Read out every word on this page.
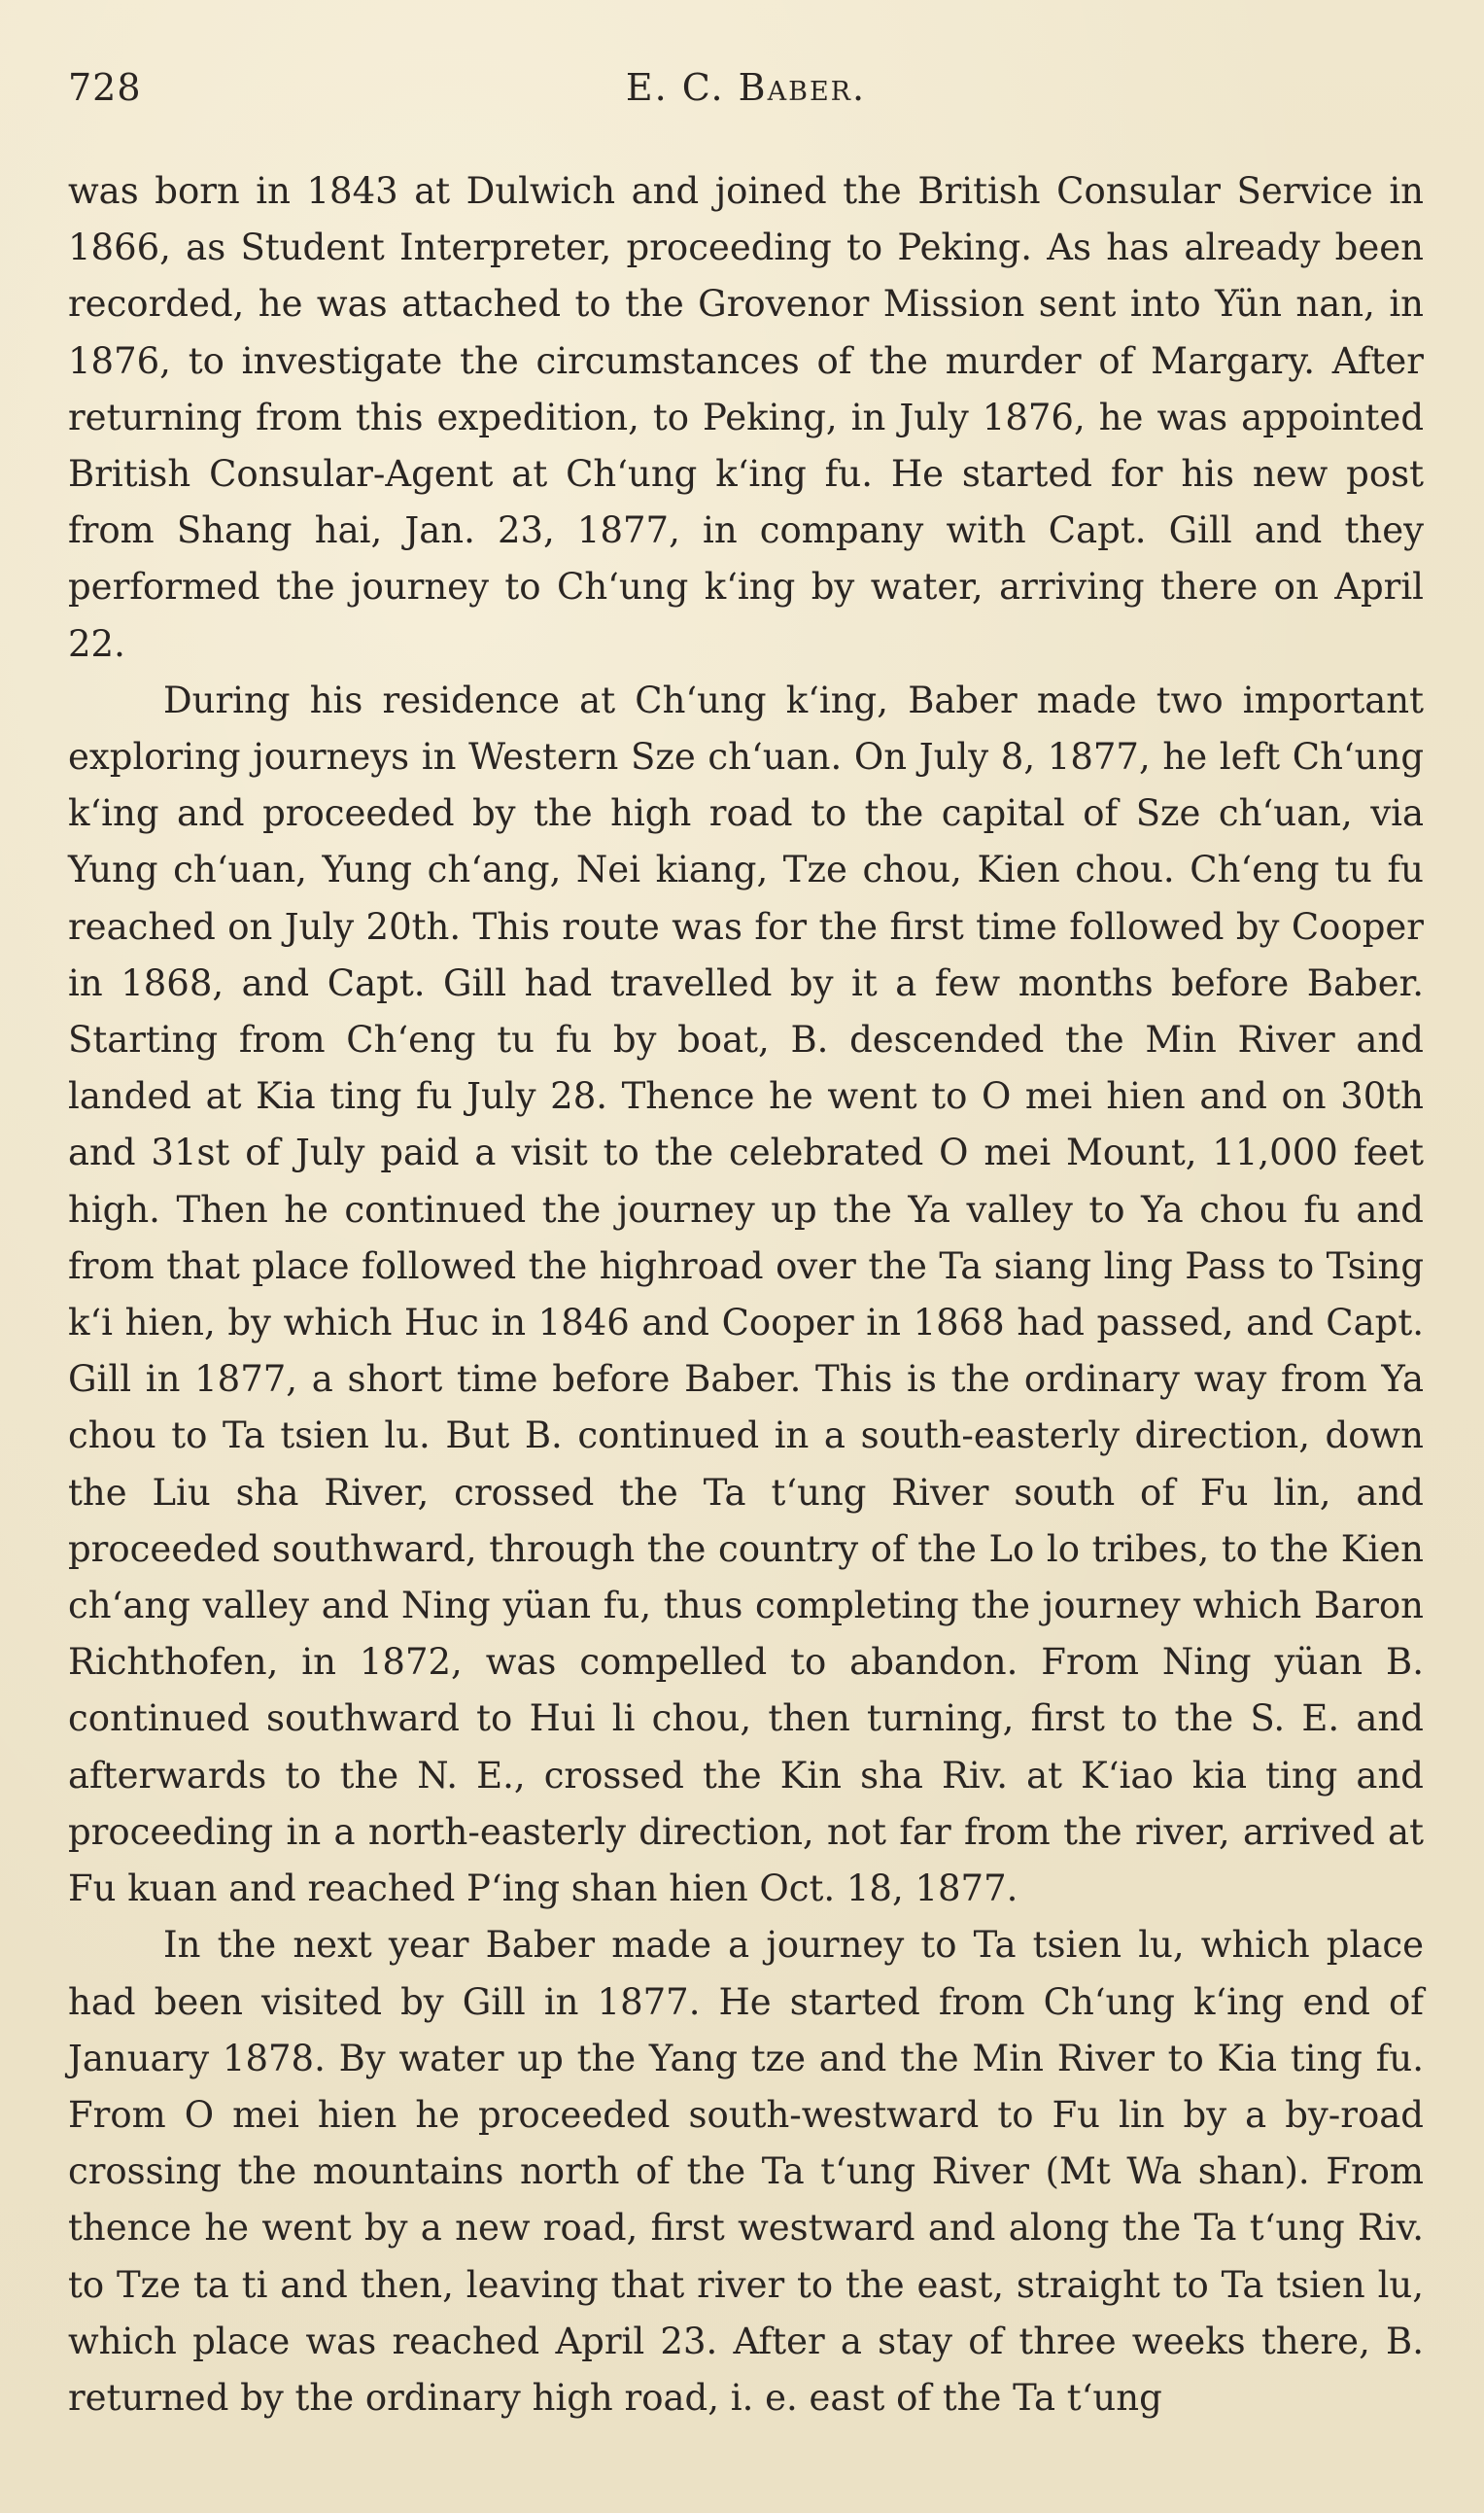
728	E. C. Baber.

was born in 1843 at Dulwich and joined the British Consular Service in 1866, as Student Interpreter, proceeding to Peking. As has already been recorded, he was attached to the Grovenor Mission sent into Yün nan, in 1876, to investigate the circumstances of the murder of Margary. After returning from this expedition, to Peking, in July 1876, he was appointed British Consular-Agent at Chʻung kʻing fu. He started for his new post from Shang hai, Jan. 23, 1877, in company with Capt. Gill and they performed the journey to Chʻung kʻing by water, arriving there on April 22.

During his residence at Chʻung kʻing, Baber made two important exploring journeys in Western Sze chʻuan. On July 8, 1877, he left Chʻung kʻing and proceeded by the high road to the capital of Sze chʻuan, via Yung chʻuan, Yung chʻang, Nei kiang, Tze chou, Kien chou. Chʻeng tu fu reached on July 20th. This route was for the first time followed by Cooper in 1868, and Capt. Gill had travelled by it a few months before Baber. Starting from Chʻeng tu fu by boat, B. descended the Min River and landed at Kia ting fu July 28. Thence he went to O mei hien and on 30th and 31st of July paid a visit to the celebrated O mei Mount, 11,000 feet high. Then he continued the journey up the Ya valley to Ya chou fu and from that place followed the highroad over the Ta siang ling Pass to Tsing kʻi hien, by which Huc in 1846 and Cooper in 1868 had passed, and Capt. Gill in 1877, a short time before Baber. This is the ordinary way from Ya chou to Ta tsien lu. But B. continued in a south-easterly direction, down the Liu sha River, crossed the Ta tʻung River south of Fu lin, and proceeded southward, through the country of the Lo lo tribes, to the Kien chʻang valley and Ning yüan fu, thus completing the journey which Baron Richthofen, in 1872, was compelled to abandon. From Ning yüan B. continued southward to Hui li chou, then turning, first to the S. E. and afterwards to the N. E., crossed the Kin sha Riv. at Kʻiao kia ting and proceeding in a north-easterly direction, not far from the river, arrived at Fu kuan and reached Pʻing shan hien Oct. 18, 1877.

In the next year Baber made a journey to Ta tsien lu, which place had been visited by Gill in 1877. He started from Chʻung kʻing end of January 1878. By water up the Yang tze and the Min River to Kia ting fu. From O mei hien he proceeded south-westward to Fu lin by a by-road crossing the mountains north of the Ta tʻung River (Mt Wa shan). From thence he went by a new road, first westward and along the Ta tʻung Riv. to Tze ta ti and then, leaving that river to the east, straight to Ta tsien lu, which place was reached April 23. After a stay of three weeks there, B. returned by the ordinary high road, i. e. east of the Ta tʻung
